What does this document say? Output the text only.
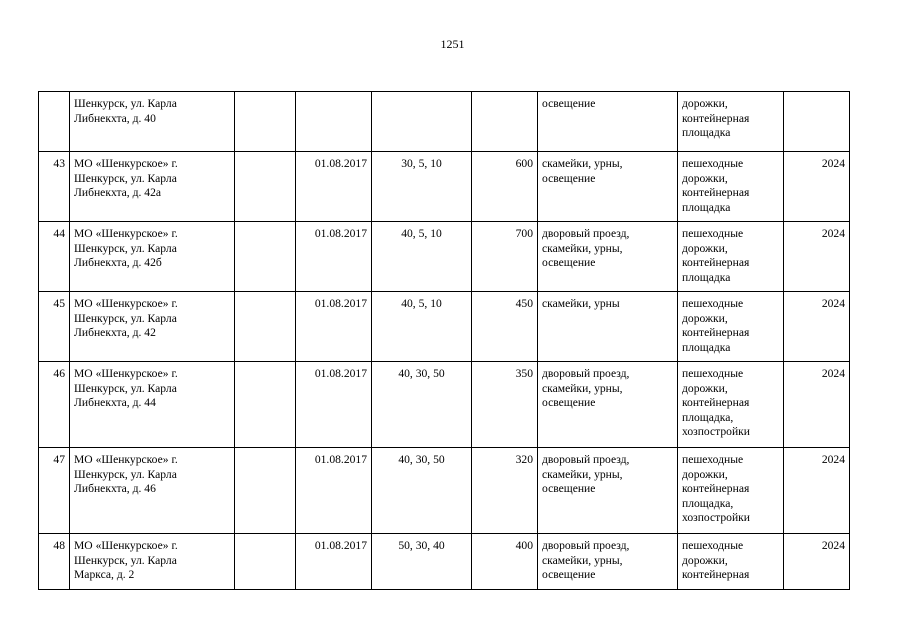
1251

	Шенкурск, ул. Карла
Либнекхта, д. 40					освещение	дорожки,
контейнерная
площадка	

43	МО «Шенкурское» г.
Шенкурск, ул. Карла
Либнекхта, д. 42а		01.08.2017	30, 5, 10	600	скамейки, урны,
освещение	пешеходные
дорожки,
контейнерная
площадка	2024
44	МО «Шенкурское» г.
Шенкурск, ул. Карла
Либнекхта, д. 42б		01.08.2017	40, 5, 10	700	дворовый проезд,
скамейки, урны,
освещение	пешеходные
дорожки,
контейнерная
площадка	2024
45	МО «Шенкурское» г.
Шенкурск, ул. Карла
Либнекхта, д. 42		01.08.2017	40, 5, 10	450	скамейки, урны	пешеходные
дорожки,
контейнерная
площадка	2024
46	МО «Шенкурское» г.
Шенкурск, ул. Карла
Либнекхта, д. 44		01.08.2017	40, 30, 50	350	дворовый проезд,
скамейки, урны,
освещение	пешеходные
дорожки,
контейнерная
площадка,
хозпостройки	2024
47	МО «Шенкурское» г.
Шенкурск, ул. Карла
Либнекхта, д. 46		01.08.2017	40, 30, 50	320	дворовый проезд,
скамейки, урны,
освещение	пешеходные
дорожки,
контейнерная
площадка,
хозпостройки	2024
48	МО «Шенкурское» г.
Шенкурск, ул. Карла
Маркса, д. 2		01.08.2017	50, 30, 40	400	дворовый проезд,
скамейки, урны,
освещение	пешеходные
дорожки,
контейнерная	2024
